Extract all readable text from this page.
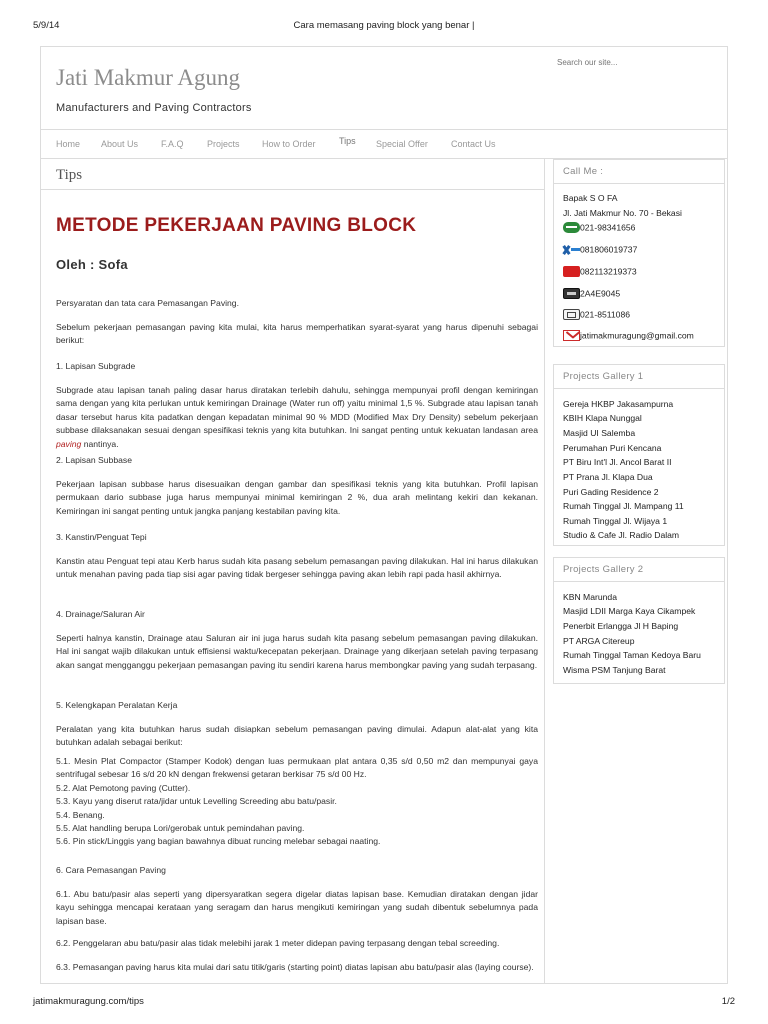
5/9/14	Cara memasang paving block yang benar |
jatimakmuragung.com/tips	1/2
Jati Makmur Agung
Manufacturers and Paving Contractors
Search our site...
Home About Us	F.A.Q	Projects How to Order	Tips Special Offer	Contact Us
Tips
METODE PEKERJAAN PAVING BLOCK
Oleh : Sofa
Persyaratan dan tata cara Pemasangan Paving.
Sebelum pekerjaan pemasangan paving kita mulai, kita harus memperhatikan syarat-syarat yang harus dipenuhi sebagai berikut:
1. Lapisan Subgrade
Subgrade atau lapisan tanah paling dasar harus diratakan terlebih dahulu, sehingga mempunyai profil dengan kemiringan sama dengan yang kita perlukan untuk kemiringan Drainage (Water run off) yaitu minimal 1,5 %. Subgrade atau lapisan tanah dasar tersebut harus kita padatkan dengan kepadatan minimal 90 % MDD (Modified Max Dry Density) sebelum pekerjaan subbase dilaksanakan sesuai dengan spesifikasi teknis yang kita butuhkan. Ini sangat penting untuk kekuatan landasan area paving nantinya.
2. Lapisan Subbase
Pekerjaan lapisan subbase harus disesuaikan dengan gambar dan spesifikasi teknis yang kita butuhkan. Profil lapisan permukaan dario subbase juga harus mempunyai minimal kemiringan 2 %, dua arah melintang kekiri dan kekanan. Kemiringan ini sangat penting untuk jangka panjang kestabilan paving kita.
3. Kanstin/Penguat Tepi
Kanstin atau Penguat tepi atau Kerb harus sudah kita pasang sebelum pemasangan paving dilakukan. Hal ini harus dilakukan untuk menahan paving pada tiap sisi agar paving tidak bergeser sehingga paving akan lebih rapi pada hasil akhirnya.
4. Drainage/Saluran Air
Seperti halnya kanstin, Drainage atau Saluran air ini juga harus sudah kita pasang sebelum pemasangan paving dilakukan. Hal ini sangat wajib dilakukan untuk effisiensi waktu/kecepatan pekerjaan. Drainage yang dikerjaan setelah paving terpasang akan sangat mengganggu pekerjaan pemasangan paving itu sendiri karena harus membongkar paving yang sudah terpasang.
5. Kelengkapan Peralatan Kerja
Peralatan yang kita butuhkan harus sudah disiapkan sebelum pemasangan paving dimulai. Adapun alat-alat yang kita butuhkan adalah sebagai berikut:
5.1. Mesin Plat Compactor (Stamper Kodok) dengan luas permukaan plat antara 0,35 s/d 0,50 m2 dan mempunyai gaya sentrifugal sebesar 16 s/d 20 kN dengan frekwensi getaran berkisar 75 s/d 00 Hz.
5.2. Alat Pemotong paving (Cutter).
5.3. Kayu yang diserut rata/jidar untuk Levelling Screeding abu batu/pasir.
5.4. Benang.
5.5. Alat handling berupa Lori/gerobak untuk pemindahan paving.
5.6. Pin stick/Linggis yang bagian bawahnya dibuat runcing melebar sebagai naating.
6. Cara Pemasangan Paving
6.1. Abu batu/pasir alas seperti yang dipersyaratkan segera digelar diatas lapisan base. Kemudian diratakan dengan jidar kayu sehingga mencapai kerataan yang seragam dan harus mengikuti kemiringan yang sudah dibentuk sebelumnya pada lapisan base.
6.2. Penggelaran abu batu/pasir alas tidak melebihi jarak 1 meter didepan paving terpasang dengan tebal screeding.
6.3. Pemasangan paving harus kita mulai dari satu titik/garis (starting point) diatas lapisan abu batu/pasir alas (laying course).
Call Me :
Bapak S O FA
Jl. Jati Makmur No. 70 - Bekasi
021-98341656
081806019737
082113219373
2A4E9045
021-8511086
jatimakmuragung@gmail.com
Projects Gallery 1
Gereja HKBP Jakasampurna
KBIH Klapa Nunggal
Masjid UI Salemba
Perumahan Puri Kencana
PT Biru Int'l Jl. Ancol Barat II
PT Prana Jl. Klapa Dua
Puri Gading Residence 2
Rumah Tinggal Jl. Mampang 11
Rumah Tinggal Jl. Wijaya 1
Studio & Cafe Jl. Radio Dalam
Projects Gallery 2
KBN Marunda
Masjid LDII Marga Kaya Cikampek
Penerbit Erlangga Jl H Baping
PT ARGA Citereup
Rumah Tinggal Taman Kedoya Baru
Wisma PSM Tanjung Barat
